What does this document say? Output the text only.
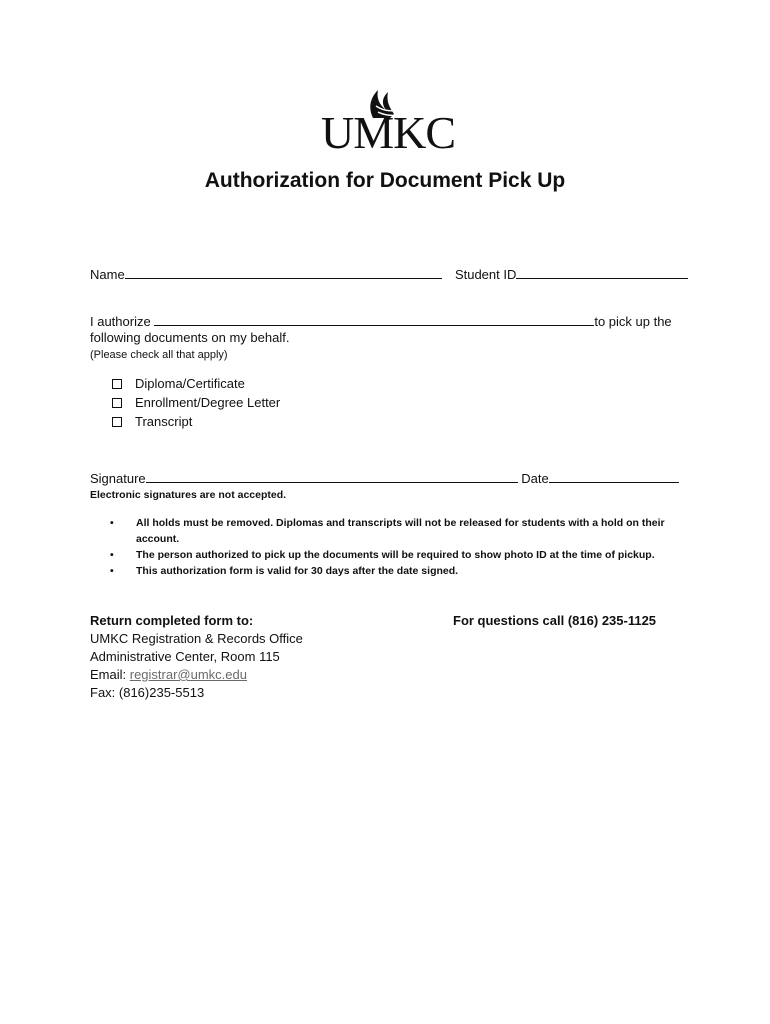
UMKC
Authorization for Document Pick Up
Name	Student ID
I authorize	to pick up the
following documents on my behalf.
(Please check all that apply)
Diploma/Certificate
Enrollment/Degree Letter
Transcript
Signature	Date
Electronic signatures are not accepted.
•	All holds must be removed. Diplomas and transcripts will not be released for students with a hold on their account.
•	The person authorized to pick up the documents will be required to show photo ID at the time of pickup.
•	This authorization form is valid for 30 days after the date signed.
Return completed form to:
UMKC Registration & Records Office
Administrative Center, Room 115
Email: registrar@umkc.edu
Fax: (816)235-5513
For questions call (816) 235-1125
